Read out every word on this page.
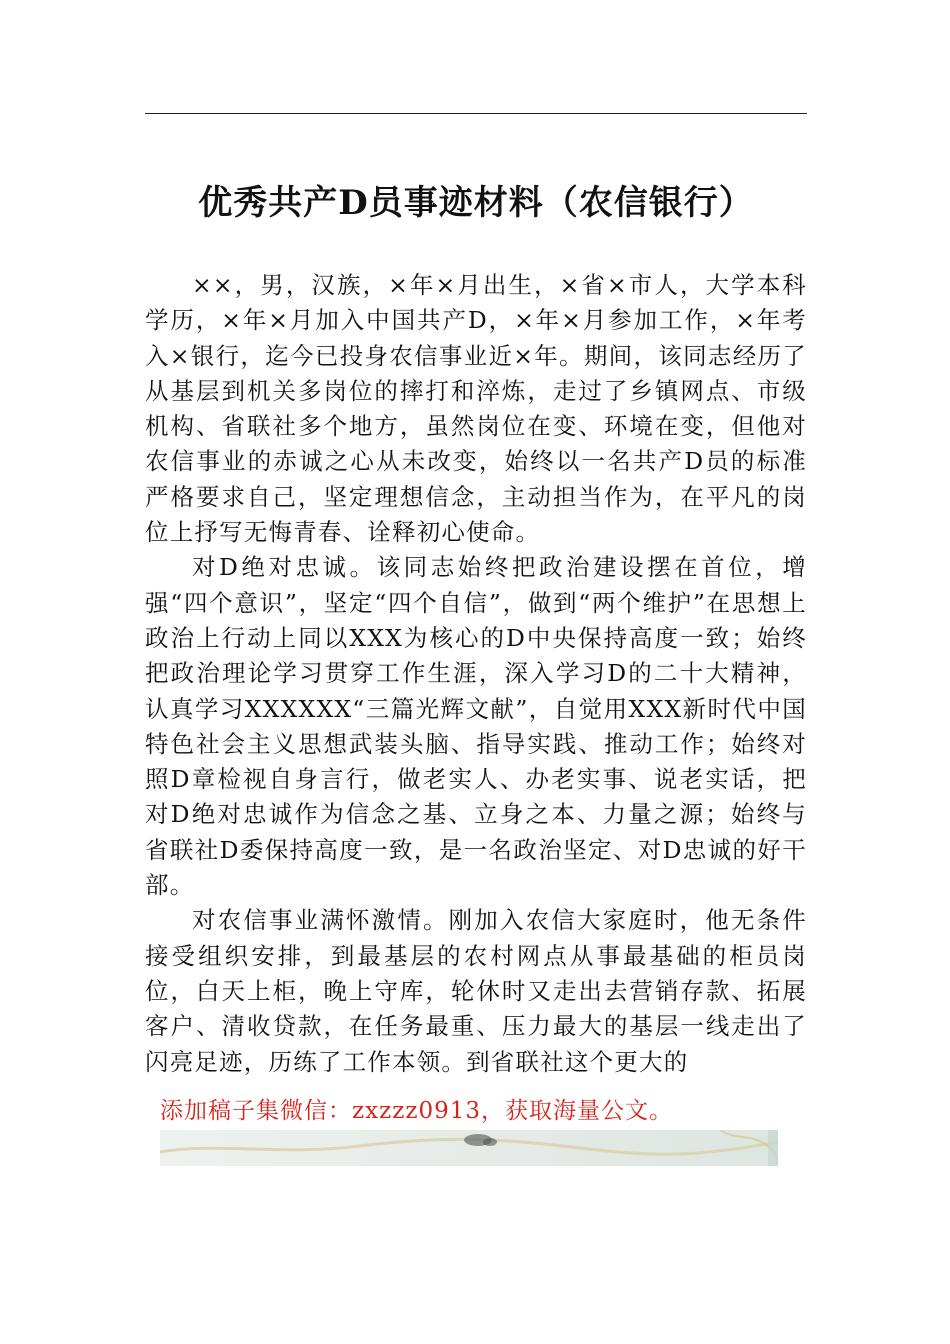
优秀共产D员事迹材料（农信银行）

××，男，汉族，×年×月出生，×省×市人，大学本科学历，×年×月加入中国共产D，×年×月参加工作，×年考入×银行，迄今已投身农信事业近×年。期间，该同志经历了从基层到机关多岗位的摔打和淬炼，走过了乡镇网点、市级机构、省联社多个地方，虽然岗位在变、环境在变，但他对农信事业的赤诚之心从未改变，始终以一名共产D员的标准严格要求自己，坚定理想信念，主动担当作为，在平凡的岗位上抒写无悔青春、诠释初心使命。

对D绝对忠诚。该同志始终把政治建设摆在首位，增强“四个意识”，坚定“四个自信”，做到“两个维护”在思想上政治上行动上同以XXX为核心的D中央保持高度一致；始终把政治理论学习贯穿工作生涯，深入学习D的二十大精神，认真学习XXXXXX“三篇光辉文献”，自觉用XXX新时代中国特色社会主义思想武装头脑、指导实践、推动工作；始终对照D章检视自身言行，做老实人、办老实事、说老实话，把对D绝对忠诚作为信念之基、立身之本、力量之源；始终与省联社D委保持高度一致，是一名政治坚定、对D忠诚的好干部。

对农信事业满怀激情。刚加入农信大家庭时，他无条件接受组织安排，到最基层的农村网点从事最基础的柜员岗位，白天上柜，晚上守库，轮休时又走出去营销存款、拓展客户、清收贷款，在任务最重、压力最大的基层一线走出了闪亮足迹，历练了工作本领。到省联社这个更大的

添加稿子集微信：zxzzz0913，获取海量公文。
